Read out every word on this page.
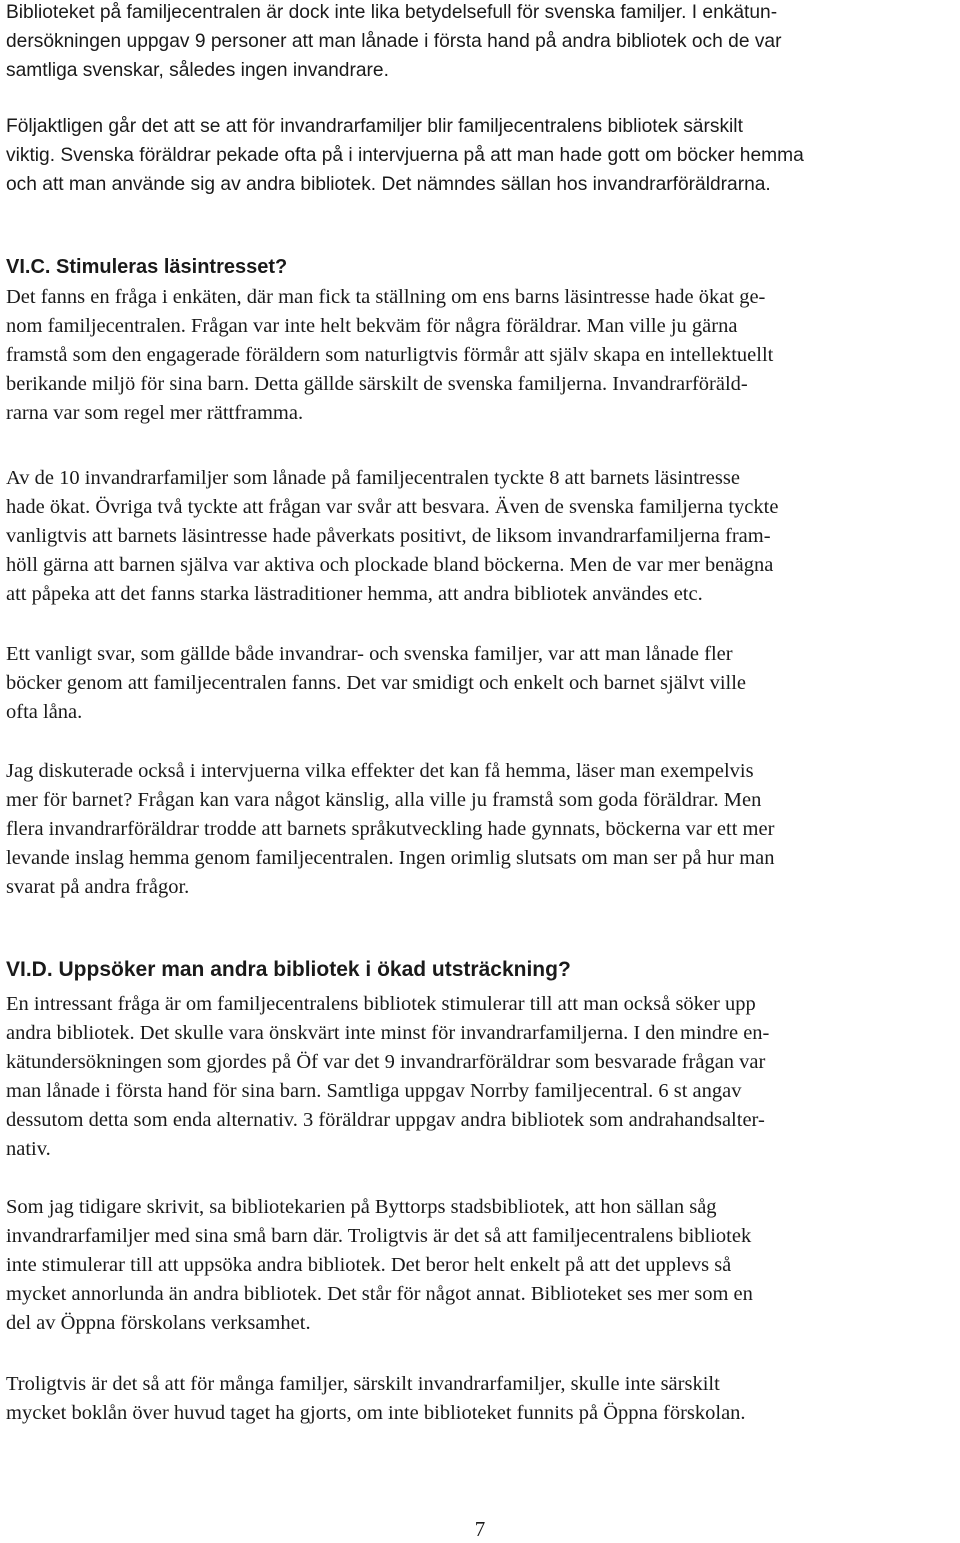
Biblioteket på familjecentralen är dock inte lika betydelsefull för svenska familjer. I enkätun-
dersökningen uppgav 9 personer att man lånade i första hand på andra bibliotek och de var
samtliga svenskar, således ingen invandrare.
Följaktligen går det att se att för invandrarfamiljer blir familjecentralens bibliotek särskilt
viktig. Svenska föräldrar pekade ofta på i intervjuerna på att man hade gott om böcker hemma
och att man använde sig av andra bibliotek. Det nämndes sällan hos invandrarföräldrarna.
VI.C. Stimuleras läsintresset?
Det fanns en fråga i enkäten, där man fick ta ställning om ens barns läsintresse hade ökat ge-
nom familjecentralen. Frågan var inte helt bekväm för några föräldrar. Man ville ju gärna
framstå som den engagerade föräldern som naturligtvis förmår att själv skapa en intellektuellt
berikande miljö för sina barn. Detta gällde särskilt de svenska familjerna. Invandrarföräld-
rarna var som regel mer rättframma.
Av de 10 invandrarfamiljer som lånade på familjecentralen tyckte 8 att barnets läsintresse
hade ökat. Övriga två tyckte att frågan var svår att besvara. Även de svenska familjerna tyckte
vanligtvis att barnets läsintresse hade påverkats positivt, de liksom invandrarfamiljerna fram-
höll gärna att barnen själva var aktiva och plockade bland böckerna. Men de var mer benägna
att påpeka att det fanns starka lästraditioner hemma, att andra bibliotek användes etc.
Ett vanligt svar, som gällde både invandrar- och svenska familjer, var att man lånade fler
böcker genom att familjecentralen fanns. Det var smidigt och enkelt och barnet självt ville
ofta låna.
Jag diskuterade också i intervjuerna vilka effekter det kan få hemma, läser man exempelvis
mer för barnet? Frågan kan vara något känslig, alla ville ju framstå som goda föräldrar. Men
flera invandrarföräldrar trodde att barnets språkutveckling hade gynnats, böckerna var ett mer
levande inslag hemma genom familjecentralen. Ingen orimlig slutsats om man ser på hur man
svarat på andra frågor.
VI.D. Uppsöker man andra bibliotek i ökad utsträckning?
En intressant fråga är om familjecentralens bibliotek stimulerar till att man också söker upp
andra bibliotek. Det skulle vara önskvärt inte minst för invandrarfamiljerna. I den mindre en-
kätundersökningen som gjordes på Öf var det 9 invandrarföräldrar som besvarade frågan var
man lånade i första hand för sina barn. Samtliga uppgav Norrby familjecentral. 6 st angav
dessutom detta som enda alternativ. 3 föräldrar uppgav andra bibliotek som andrahandsalter-
nativ.
Som jag tidigare skrivit, sa bibliotekarien på Byttorps stadsbibliotek, att hon sällan såg
invandrarfamiljer med sina små barn där. Troligtvis är det så att familjecentralens bibliotek
inte stimulerar till att uppsöka andra bibliotek. Det beror helt enkelt på att det upplevs så
mycket annorlunda än andra bibliotek. Det står för något annat. Biblioteket ses mer som en
del av Öppna förskolans verksamhet.
Troligtvis är det så att för många familjer, särskilt invandrarfamiljer, skulle inte särskilt
mycket boklån över huvud taget ha gjorts, om inte biblioteket funnits på Öppna förskolan.
7
